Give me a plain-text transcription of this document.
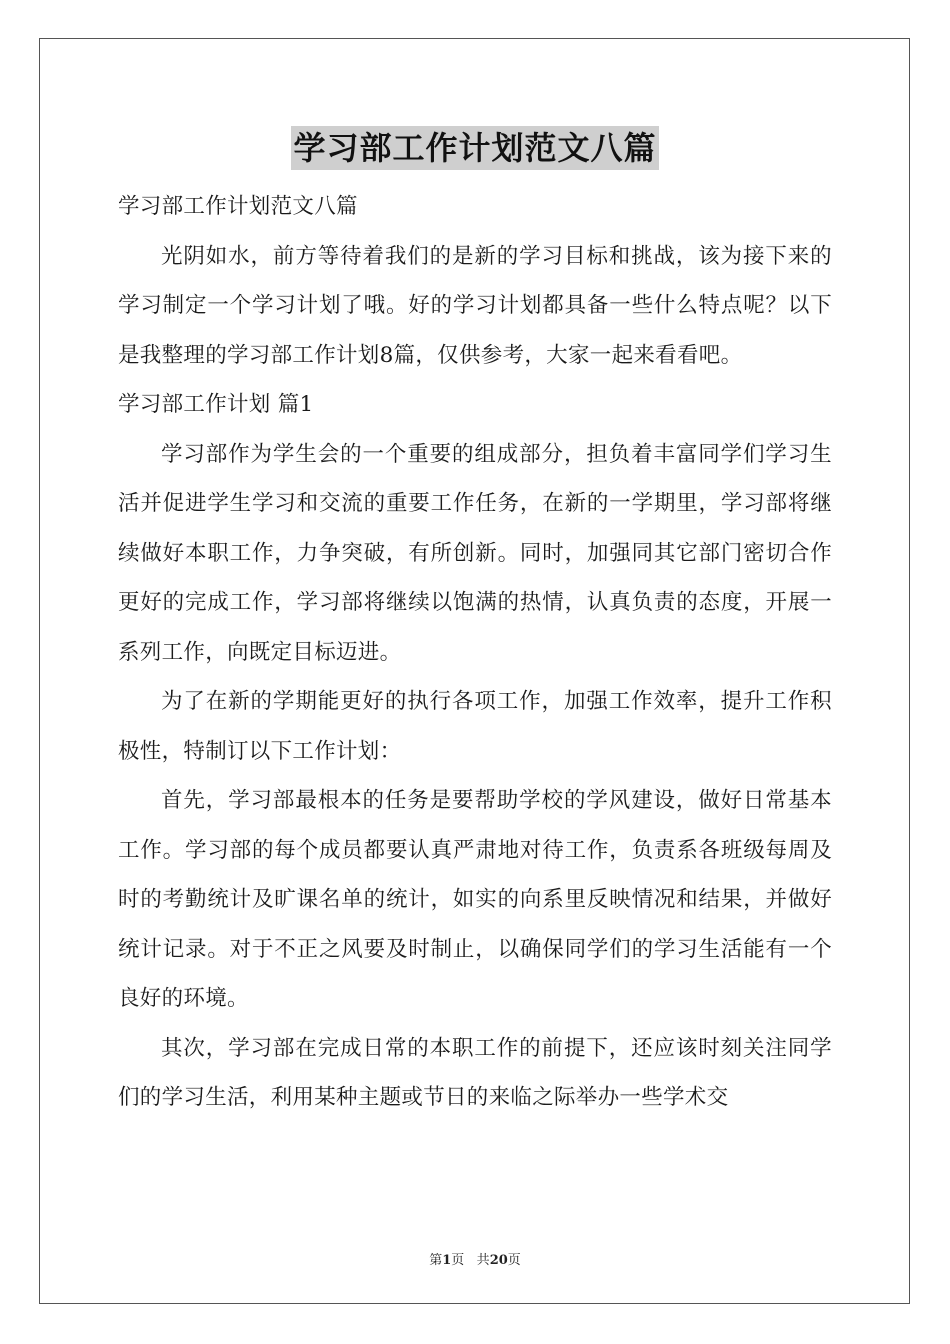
学习部工作计划范文八篇

学习部工作计划范文八篇

光阴如水，前方等待着我们的是新的学习目标和挑战，该为接下来的学习制定一个学习计划了哦。好的学习计划都具备一些什么特点呢？以下是我整理的学习部工作计划8篇，仅供参考，大家一起来看看吧。

学习部工作计划 篇1

学习部作为学生会的一个重要的组成部分，担负着丰富同学们学习生活并促进学生学习和交流的重要工作任务，在新的一学期里，学习部将继续做好本职工作，力争突破，有所创新。同时，加强同其它部门密切合作更好的完成工作，学习部将继续以饱满的热情，认真负责的态度，开展一系列工作，向既定目标迈进。

为了在新的学期能更好的执行各项工作，加强工作效率，提升工作积极性，特制订以下工作计划：

首先，学习部最根本的任务是要帮助学校的学风建设，做好日常基本工作。学习部的每个成员都要认真严肃地对待工作，负责系各班级每周及时的考勤统计及旷课名单的统计，如实的向系里反映情况和结果，并做好统计记录。对于不正之风要及时制止，以确保同学们的学习生活能有一个良好的环境。

其次，学习部在完成日常的本职工作的前提下，还应该时刻关注同学们的学习生活，利用某种主题或节日的来临之际举办一些学术交

第1页 共20页
